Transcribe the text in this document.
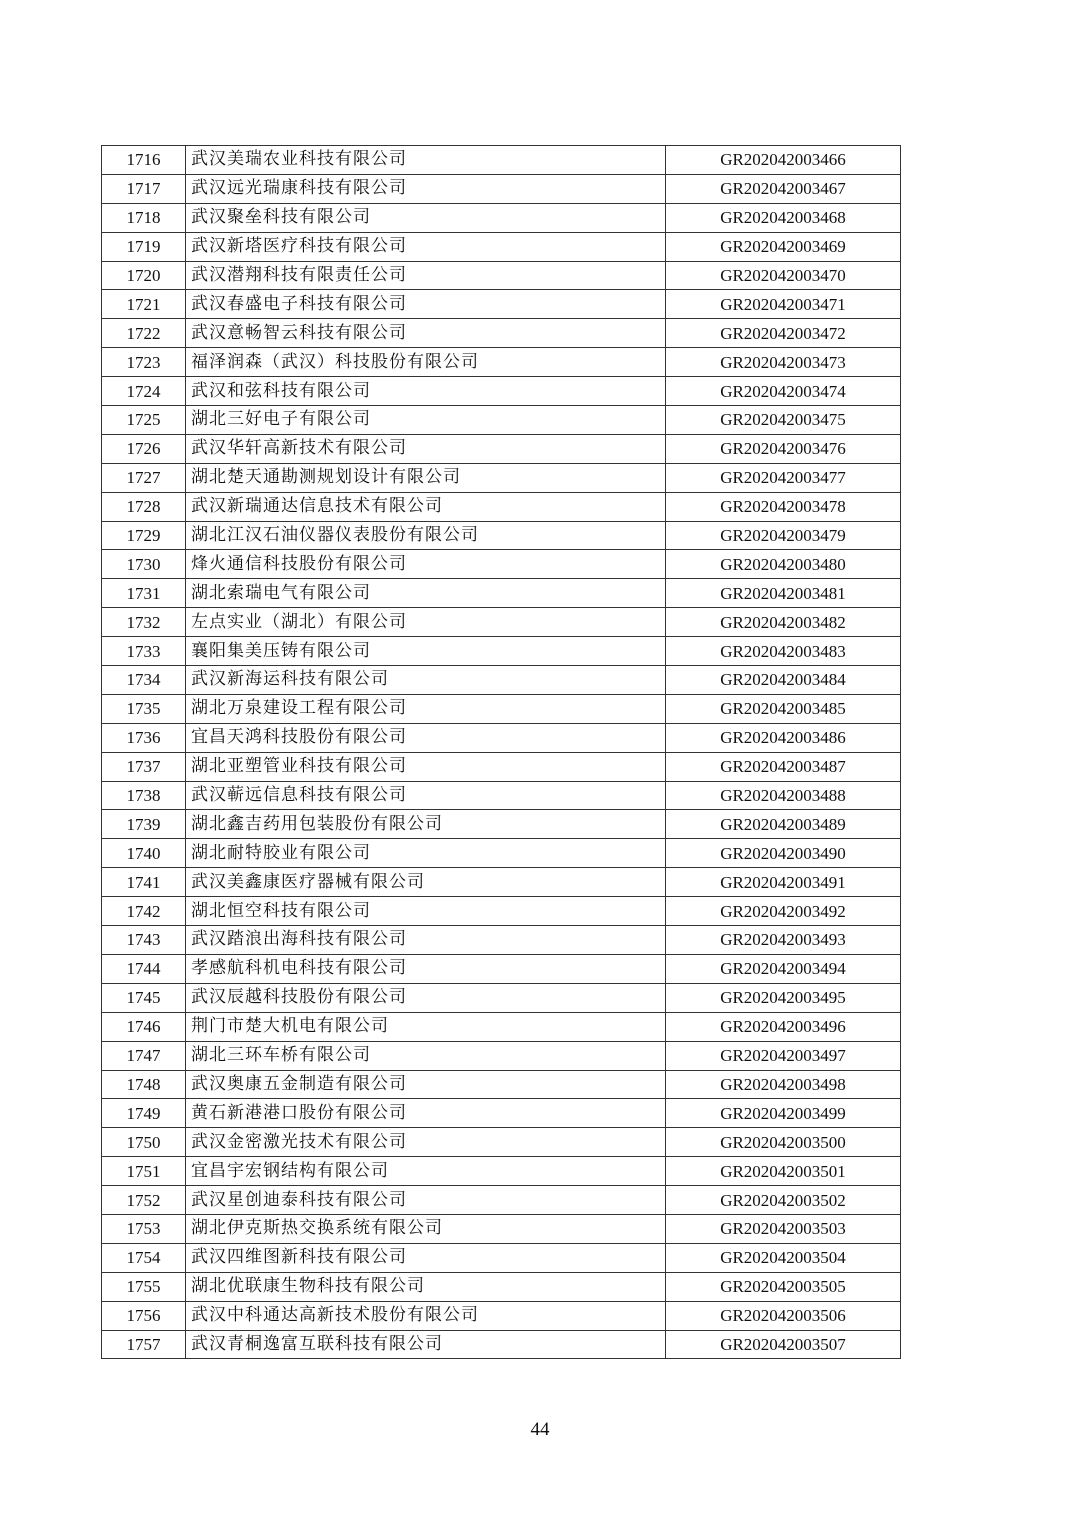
1716	武汉美瑞农业科技有限公司	GR202042003466
1717	武汉远光瑞康科技有限公司	GR202042003467
1718	武汉聚垒科技有限公司	GR202042003468
1719	武汉新塔医疗科技有限公司	GR202042003469
1720	武汉潜翔科技有限责任公司	GR202042003470
1721	武汉春盛电子科技有限公司	GR202042003471
1722	武汉意畅智云科技有限公司	GR202042003472
1723	福泽润森（武汉）科技股份有限公司	GR202042003473
1724	武汉和弦科技有限公司	GR202042003474
1725	湖北三好电子有限公司	GR202042003475
1726	武汉华轩高新技术有限公司	GR202042003476
1727	湖北楚天通勘测规划设计有限公司	GR202042003477
1728	武汉新瑞通达信息技术有限公司	GR202042003478
1729	湖北江汉石油仪器仪表股份有限公司	GR202042003479
1730	烽火通信科技股份有限公司	GR202042003480
1731	湖北索瑞电气有限公司	GR202042003481
1732	左点实业（湖北）有限公司	GR202042003482
1733	襄阳集美压铸有限公司	GR202042003483
1734	武汉新海运科技有限公司	GR202042003484
1735	湖北万泉建设工程有限公司	GR202042003485
1736	宜昌天鸿科技股份有限公司	GR202042003486
1737	湖北亚塑管业科技有限公司	GR202042003487
1738	武汉蕲远信息科技有限公司	GR202042003488
1739	湖北鑫吉药用包装股份有限公司	GR202042003489
1740	湖北耐特胶业有限公司	GR202042003490
1741	武汉美鑫康医疗器械有限公司	GR202042003491
1742	湖北恒空科技有限公司	GR202042003492
1743	武汉踏浪出海科技有限公司	GR202042003493
1744	孝感航科机电科技有限公司	GR202042003494
1745	武汉辰越科技股份有限公司	GR202042003495
1746	荆门市楚大机电有限公司	GR202042003496
1747	湖北三环车桥有限公司	GR202042003497
1748	武汉奥康五金制造有限公司	GR202042003498
1749	黄石新港港口股份有限公司	GR202042003499
1750	武汉金密激光技术有限公司	GR202042003500
1751	宜昌宇宏钢结构有限公司	GR202042003501
1752	武汉星创迪泰科技有限公司	GR202042003502
1753	湖北伊克斯热交换系统有限公司	GR202042003503
1754	武汉四维图新科技有限公司	GR202042003504
1755	湖北优联康生物科技有限公司	GR202042003505
1756	武汉中科通达高新技术股份有限公司	GR202042003506
1757	武汉青桐逸富互联科技有限公司	GR202042003507
44
